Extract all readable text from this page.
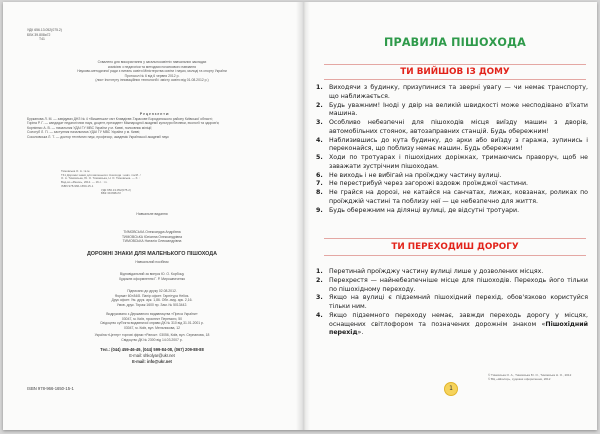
УДК 656.13.052(075.2)
ББК 39.808я72
Т41
Схвалено для використання у загальноосвітніх навчальних закладах
комісією з педагогіки та методики початкового навчання
Науково-методичної ради з питань освіти Міністерства освіти і науки, молоді та спорту України
Протокол № 6 від 6 червня 2012 р.
(лист Інституту інноваційних технологій і змісту освіти від 01.08.2012 р.)
Р е ц е н з е н т и:
Бурканова Л. М. — завідувач ДНЗ № 4 «Вишенька» смт Клавдієве-Тарасове Бородянського району Київської області;
Горіна Р. Г. — кандидат педагогічних наук, доцент, президент Міжнародної академії культури безпеки, екології та здоров'я;
Корнієнко А. В. — начальник УДАІ ГУ МВС України у м. Києві, полковник міліції;
Сологуб Л. П. — заступник начальника УДАІ ГУ МВС України у м. Києві;
Соколовська Л. Т. — доктор технічних наук, професор, академік Української академії наук
Тимовська О. А. та ін.
Т41 Дорожні знаки для маленького пішохода : навч. посіб. /
О. А. Тимовська, Ю. О. Тимовська, Н. О. Тимовська. — Х. :
Вид-во «Ранок», 2012. — 16 с. : іл.
ISBN 978-966-1650-15-1
УДК 656.13.052(075.2)
ББК 39.808я72
Навчальне видання
ТИМОВСЬКА Олександра Андріївна
ТИМОВСЬКА Юліанна Олександрівна
ТИМОВСЬКА Наталія Олександрівна
ДОРОЖНІ ЗНАКИ ДЛЯ МАЛЕНЬКОГО ПІШОХОДА
Навчальний посібник
Відповідальний за випуск Ю. О. Корбоцу
Художнє оформлення Г. Р. Мирошниченко
Підписано до друку 02.08.2012.
Формат 60×84/8. Папір офсет. Гарнітура Helios.
Друк офсет. Ум. друк. арк. 1,86. Обл.-вид. арк. 2,16.
Умов. друк. Тираж 1600 пр. Зам. № 5013442.
Видруковано з Державного видавництва «Преса України»
03047, м. Київ, проспект Перемоги, 50
Свідоцтво суб'єкта видавничої справи ДК № 310 від 31.01.2001 р.
03047, м. Київ, вул. Мельникова, 12
Україна «Центр» торгові фірми «Ранок». 03056, Київ, вул. Серпанова, 18
Свідоцтво ДК № 2300 від 14.03.2007 р.
Тел.: (044) 459-46-49, (044) 599-84-08, (067) 209-88-88
E-mail: shkolyar@ukr.net
E-mail: info@ukr.net
ISBN 978-966-1650-15-1
ПРАВИЛА ПІШОХОДА
ТИ ВИЙШОВ ІЗ ДОМУ
1.	Виходячи з будинку, призупинися та звернi увагу — чи немає транспорту, що наближається.
2.	Будь уважним! Іноді у двір на великій швидкості може несподівано в'їхати машина.
3.	Особливо небезпечні для пішоходів місця виїзду машин з дворів, автомобільних стоянок, автозаправних станцій. Будь обережним!
4.	Наблизившись до кута будинку, до арки або виїзду з гаража, зупинись і переконайся, що поблизу немає машин. Будь обережним!
5.	Ходи по тротуарах і пішохідних доріжках, тримаючись праворуч, щоб не заважати зустрічним пішоходам.
6.	Не виходь і не вибігай на проїжджу частину вулиці.
7.	Не перестрибуй через загорожі вздовж проїжджої частини.
8.	Не грайся на дорозі, не катайся на санчатах, лижах, ковзанах, роликах по проїжджій частині та поблизу неї — це небезпечно для життя.
9.	Будь обережним на ділянці вулиці, де відсутні тротуари.
ТИ ПЕРЕХОДИШ ДОРОГУ
1.	Перетинай проїжджу частину вулиці лише у дозволених місцях.
2.	Перехрестя — найнебезпечніше місце для пішоходів. Переходь його тільки по пішохідному переходу.
3.	Якщо на вулиці є підземний пішохідний перехід, обов'язково користуйся тільки ним.
4.	Якщо підземного переходу немає, завжди переходь дорогу у місцях, оснащених світлофором та позначених дорожнім знаком «Пішохідний перехід».
1
© Тимовська О. А., Тимовська Ю. О., Тимовська Н. О., 2012
© ВЦ «Школяр», художнє оформлення, 2012
